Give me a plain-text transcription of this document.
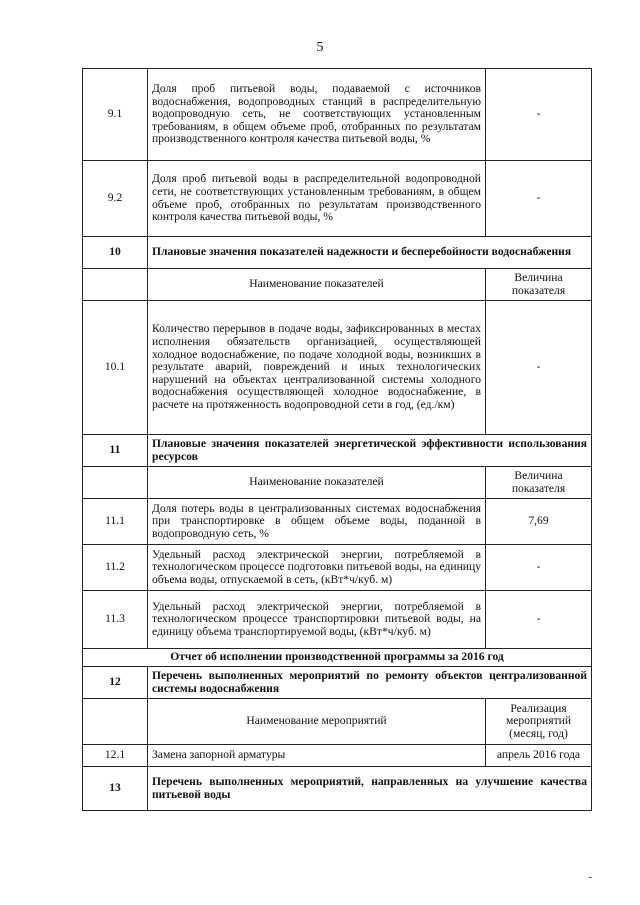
5
9.1	Доля проб питьевой воды, подаваемой с источников водоснабжения, водопроводных станций в распределительную водопроводную сеть, не соответствующих установленным требованиям, в общем объеме проб, отобранных по результатам производственного контроля качества питьевой воды, %	-
9.2	Доля проб питьевой воды в распределительной водопроводной сети, не соответствующих установленным требованиям, в общем объеме проб, отобранных по результатам производственного контроля качества питьевой воды, %	-
10	Плановые значения показателей надежности и бесперебойности водоснабжения	
	Наименование показателей	Величина показателя
10.1	Количество перерывов в подаче воды, зафиксированных в местах исполнения обязательств организацией, осуществляющей холодное водоснабжение, по подаче холодной воды, возникших в результате аварий, повреждений и иных технологических нарушений на объектах централизованной системы холодного водоснабжения осуществляющей холодное водоснабжение, в расчете на протяженность водопроводной сети в год, (ед./км)	-
11	Плановые значения показателей энергетической эффективности использования ресурсов	
	Наименование показателей	Величина показателя
11.1	Доля потерь воды в централизованных системах водоснабжения при транспортировке в общем объеме воды, поданной в водопроводную сеть, %	7,69
11.2	Удельный расход электрической энергии, потребляемой в технологическом процессе подготовки питьевой воды, на единицу объема воды, отпускаемой в сеть, (кВт*ч/куб. м)	-
11.3	Удельный расход электрической энергии, потребляемой в технологическом процессе транспортировки питьевой воды, на единицу объема транспортируемой воды, (кВт*ч/куб. м)	-
Отчет об исполнении производственной программы за 2016 год		
12	Перечень выполненных мероприятий по ремонту объектов централизованной системы водоснабжения	
	Наименование мероприятий	Реализация мероприятий (месяц, год)
12.1	Замена запорной арматуры	апрель 2016 года
13	Перечень выполненных мероприятий, направленных на улучшение качества питьевой воды	
-
